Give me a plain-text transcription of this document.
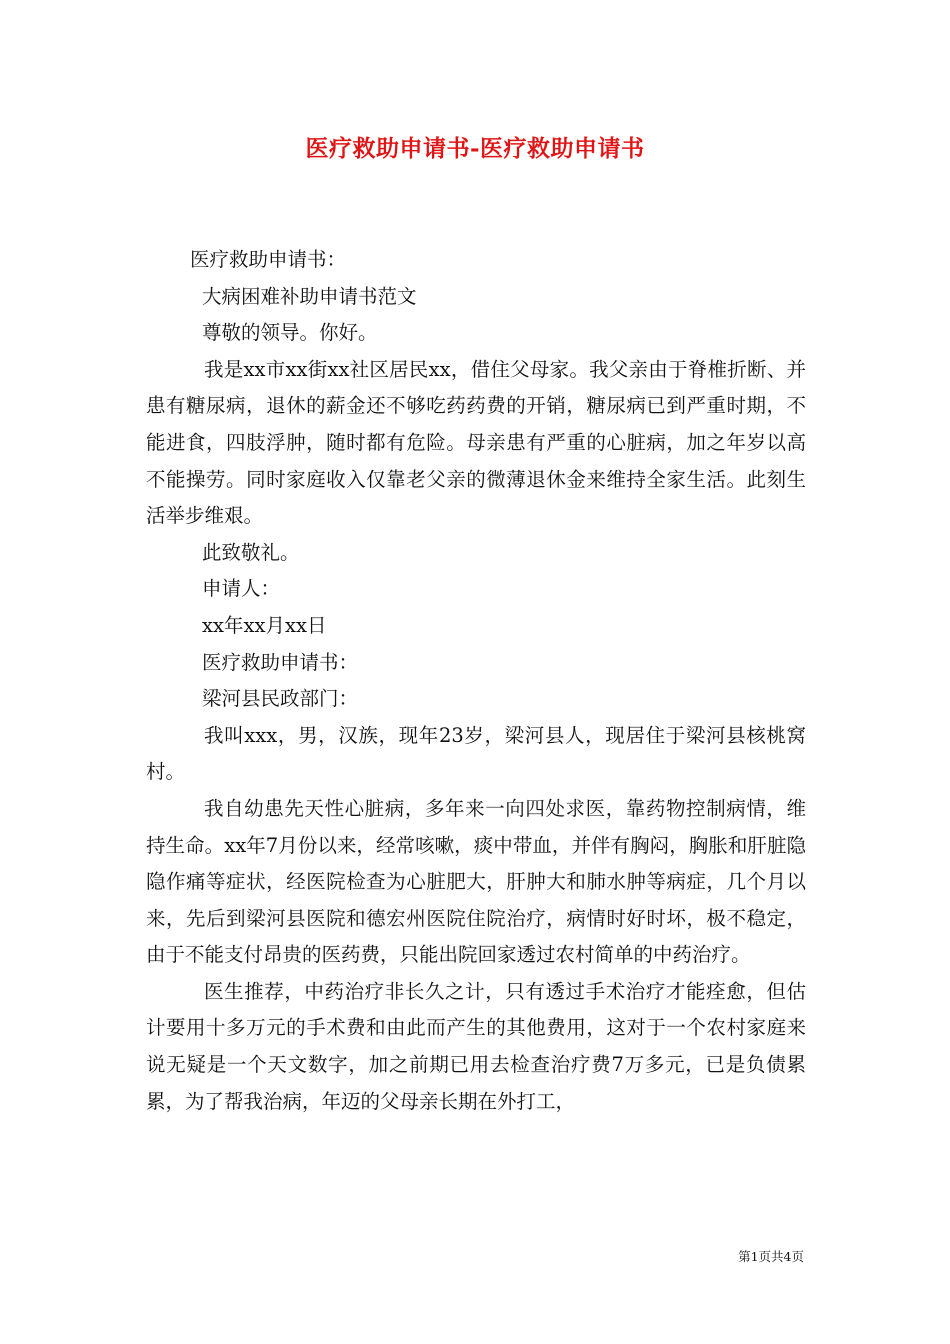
医疗救助申请书-医疗救助申请书

医疗救助申请书：

大病困难补助申请书范文

尊敬的领导。你好。

我是xx市xx街xx社区居民xx，借住父母家。我父亲由于脊椎折断、并患有糖尿病，退休的薪金还不够吃药药费的开销，糖尿病已到严重时期，不能进食，四肢浮肿，随时都有危险。母亲患有严重的心脏病，加之年岁以高不能操劳。同时家庭收入仅靠老父亲的微薄退休金来维持全家生活。此刻生活举步维艰。

此致敬礼。

申请人：

xx年xx月xx日

医疗救助申请书：

梁河县民政部门：

我叫xxx，男，汉族，现年23岁，梁河县人，现居住于梁河县核桃窝村。

我自幼患先天性心脏病，多年来一向四处求医，靠药物控制病情，维持生命。xx年7月份以来，经常咳嗽，痰中带血，并伴有胸闷，胸胀和肝脏隐隐作痛等症状，经医院检查为心脏肥大，肝肿大和肺水肿等病症，几个月以来，先后到梁河县医院和德宏州医院住院治疗，病情时好时坏，极不稳定，由于不能支付昂贵的医药费，只能出院回家透过农村简单的中药治疗。

医生推荐，中药治疗非长久之计，只有透过手术治疗才能痊愈，但估计要用十多万元的手术费和由此而产生的其他费用，这对于一个农村家庭来说无疑是一个天文数字，加之前期已用去检查治疗费7万多元，已是负债累累，为了帮我治病，年迈的父母亲长期在外打工，

第1页共4页
